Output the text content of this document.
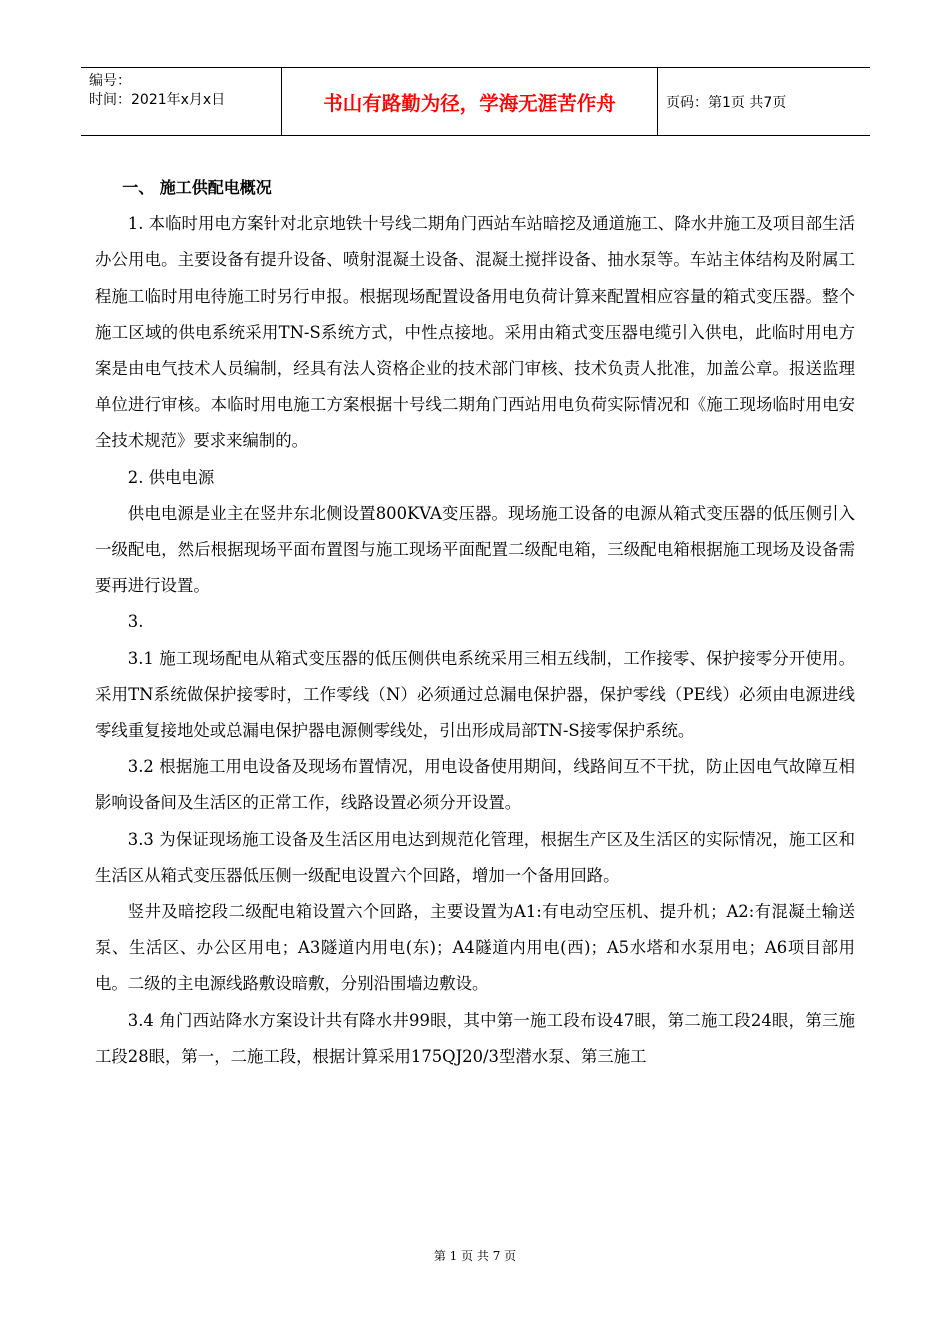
编号：
时间：2021年x月x日	书山有路勤为径，学海无涯苦作舟	页码：第1页 共7页

一、 施工供配电概况

1. 本临时用电方案针对北京地铁十号线二期角门西站车站暗挖及通道施工、降水井施工及项目部生活办公用电。主要设备有提升设备、喷射混凝土设备、混凝土搅拌设备、抽水泵等。车站主体结构及附属工程施工临时用电待施工时另行申报。根据现场配置设备用电负荷计算来配置相应容量的箱式变压器。整个施工区域的供电系统采用TN-S系统方式，中性点接地。采用由箱式变压器电缆引入供电，此临时用电方案是由电气技术人员编制，经具有法人资格企业的技术部门审核、技术负责人批准，加盖公章。报送监理单位进行审核。本临时用电施工方案根据十号线二期角门西站用电负荷实际情况和《施工现场临时用电安全技术规范》要求来编制的。

2. 供电电源

供电电源是业主在竖井东北侧设置800KVA变压器。现场施工设备的电源从箱式变压器的低压侧引入一级配电，然后根据现场平面布置图与施工现场平面配置二级配电箱，三级配电箱根据施工现场及设备需要再进行设置。

3.

3.1 施工现场配电从箱式变压器的低压侧供电系统采用三相五线制，工作接零、保护接零分开使用。采用TN系统做保护接零时，工作零线（N）必须通过总漏电保护器，保护零线（PE线）必须由电源进线零线重复接地处或总漏电保护器电源侧零线处，引出形成局部TN-S接零保护系统。

3.2 根据施工用电设备及现场布置情况，用电设备使用期间，线路间互不干扰，防止因电气故障互相影响设备间及生活区的正常工作，线路设置必须分开设置。

3.3 为保证现场施工设备及生活区用电达到规范化管理，根据生产区及生活区的实际情况，施工区和生活区从箱式变压器低压侧一级配电设置六个回路，增加一个备用回路。

竖井及暗挖段二级配电箱设置六个回路，主要设置为A1:有电动空压机、提升机；A2:有混凝土输送泵、生活区、办公区用电；A3隧道内用电(东)；A4隧道内用电(西)；A5水塔和水泵用电；A6项目部用电。二级的主电源线路敷设暗敷，分别沿围墙边敷设。

3.4 角门西站降水方案设计共有降水井99眼，其中第一施工段布设47眼，第二施工段24眼，第三施工段28眼，第一，二施工段，根据计算采用175QJ20/3型潜水泵、第三施工

第 1 页 共 7 页
